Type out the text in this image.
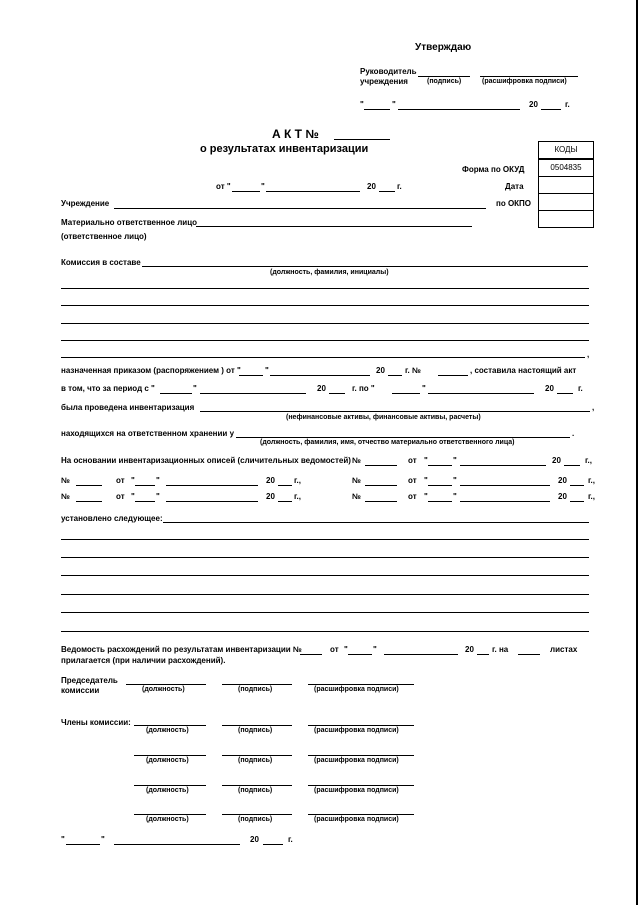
Утверждаю
Руководитель
учреждения	(подпись)	(расшифровка подписи)
"	"	20	г.
А К Т №
о результатах инвентаризации	КОДЫ
0504835
Форма по ОКУД
Дата
по ОКПО
от "	"	20	г.
Учреждение
Материально ответственное лицо
(ответственное лицо)
Комиссия в составе
(должность, фамилия, инициалы)
,
назначенная приказом (распоряжением ) от "	"	20	г. №	, составила настоящий акт
в том, что за период с "	"	20	г. по "	"	20	г.
была проведена инвентаризация	,
(нефинансовые активы, финансовые активы, расчеты)
находящихся на ответственном хранении у	.
(должность, фамилия, имя, отчество материально ответственного лица)
На основании инвентаризационных описей (сличительных ведомостей) №	от "	"	20	г.,
№	от "	"	20 г.,
№	от "	"	20 г.,
№	от "	"	20	г.,
№	от "	"	20	г.,
установлено следующее:
Ведомость расхождений по результатам инвентаризации №	от "	"	20 г. на	листах
прилагается (при наличии расхождений).
Председатель
комиссии	(должность)	(подпись)	(расшифровка подписи)
Члены комиссии:
(должность)	(подпись)	(расшифровка подписи)
(должность)	(подпись)	(расшифровка подписи)
(должность)	(подпись)	(расшифровка подписи)
(должность)	(подпись)	(расшифровка подписи)
"	"	20	г.
